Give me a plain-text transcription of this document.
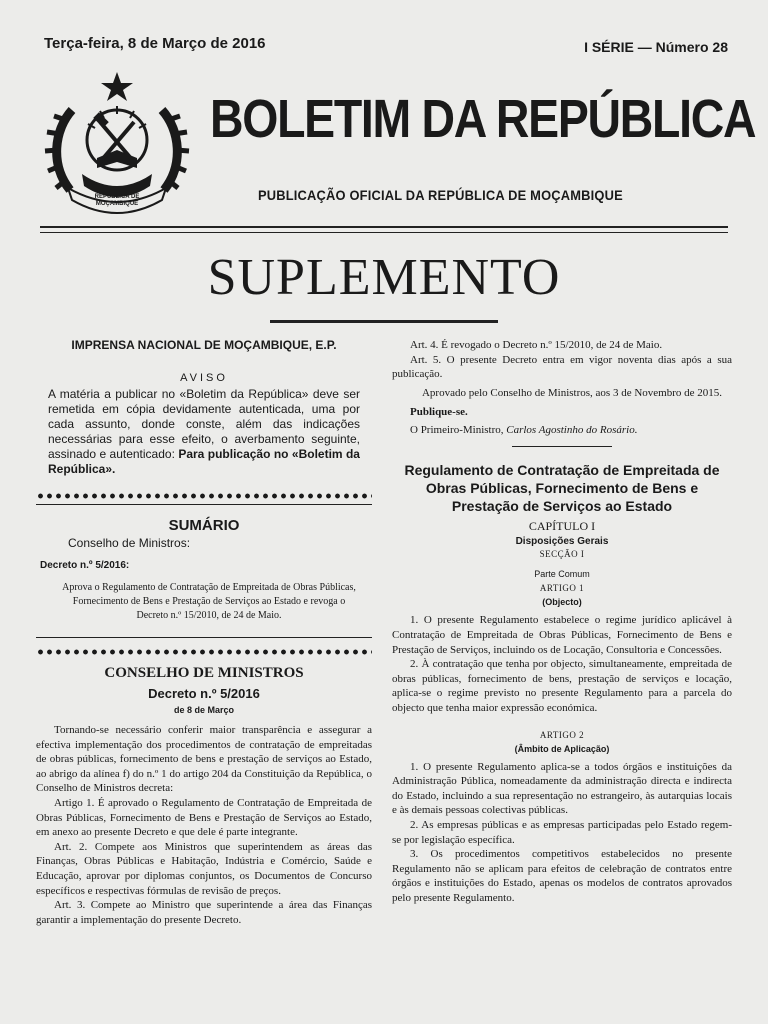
Terça-feira, 8 de Março de 2016	I SÉRIE — Número 28
REPÚBLICA DE
MOÇAMBIQUE
BOLETIM DA REPÚBLICA
PUBLICAÇÃO OFICIAL DA REPÚBLICA DE MOÇAMBIQUE
SUPLEMENTO
IMPRENSA NACIONAL DE MOÇAMBIQUE, E.P.
AVISO
A matéria a publicar no «Boletim da República» deve ser remetida em cópia devidamente autenticada, uma por cada assunto, donde conste, além das indicações necessárias para esse efeito, o averbamento seguinte, assinado e autenticado: Para publicação no «Boletim da República».
SUMÁRIO
Conselho de Ministros:
Decreto n.º 5/2016:
Aprova o Regulamento de Contratação de Empreitada de Obras Públicas, Fornecimento de Bens e Prestação de Serviços ao Estado e revoga o Decreto n.º 15/2010, de 24 de Maio.
CONSELHO DE MINISTROS
Decreto n.º 5/2016
de 8 de Março

Tornando-se necessário conferir maior transparência e assegurar a efectiva implementação dos procedimentos de contratação de empreitadas de obras públicas, fornecimento de bens e prestação de serviços ao Estado, ao abrigo da alínea f) do n.º 1 do artigo 204 da Constituição da República, o Conselho de Ministros decreta:

Artigo 1. É aprovado o Regulamento de Contratação de Empreitada de Obras Públicas, Fornecimento de Bens e Prestação de Serviços ao Estado, em anexo ao presente Decreto e que dele é parte integrante.

Art. 2. Compete aos Ministros que superintendem as áreas das Finanças, Obras Públicas e Habitação, Indústria e Comércio, Saúde e Educação, aprovar por diplomas conjuntos, os Documentos de Concurso específicos e respectivas fórmulas de revisão de preços.

Art. 3. Compete ao Ministro que superintende a área das Finanças garantir a implementação do presente Decreto.

Art. 4. É revogado o Decreto n.º 15/2010, de 24 de Maio.

Art. 5. O presente Decreto entra em vigor noventa dias após a sua publicação.

Aprovado pelo Conselho de Ministros, aos 3 de Novembro de 2015.
Publique-se.
O Primeiro-Ministro, Carlos Agostinho do Rosário.
Regulamento de Contratação de Empreitada de Obras Públicas, Fornecimento de Bens e Prestação de Serviços ao Estado
CAPÍTULO I
Disposições Gerais
SECÇÃO I
Parte Comum
ARTIGO 1
(Objecto)

1. O presente Regulamento estabelece o regime jurídico aplicável à Contratação de Empreitada de Obras Públicas, Fornecimento de Bens e Prestação de Serviços, incluindo os de Locação, Consultoria e Concessões.

2. À contratação que tenha por objecto, simultaneamente, empreitada de obras públicas, fornecimento de bens, prestação de serviços e locação, aplica-se o regime previsto no presente Regulamento para a parcela do objecto que tenha maior expressão económica.

ARTIGO 2
(Âmbito de Aplicação)

1. O presente Regulamento aplica-se a todos órgãos e instituições da Administração Pública, nomeadamente da administração directa e indirecta do Estado, incluindo a sua representação no estrangeiro, às autarquias locais e às demais pessoas colectivas públicas.

2. As empresas públicas e as empresas participadas pelo Estado regem-se por legislação específica.

3. Os procedimentos competitivos estabelecidos no presente Regulamento não se aplicam para efeitos de celebração de contratos entre órgãos e instituições do Estado, apenas os modelos de contratos aprovados pelo presente Regulamento.
